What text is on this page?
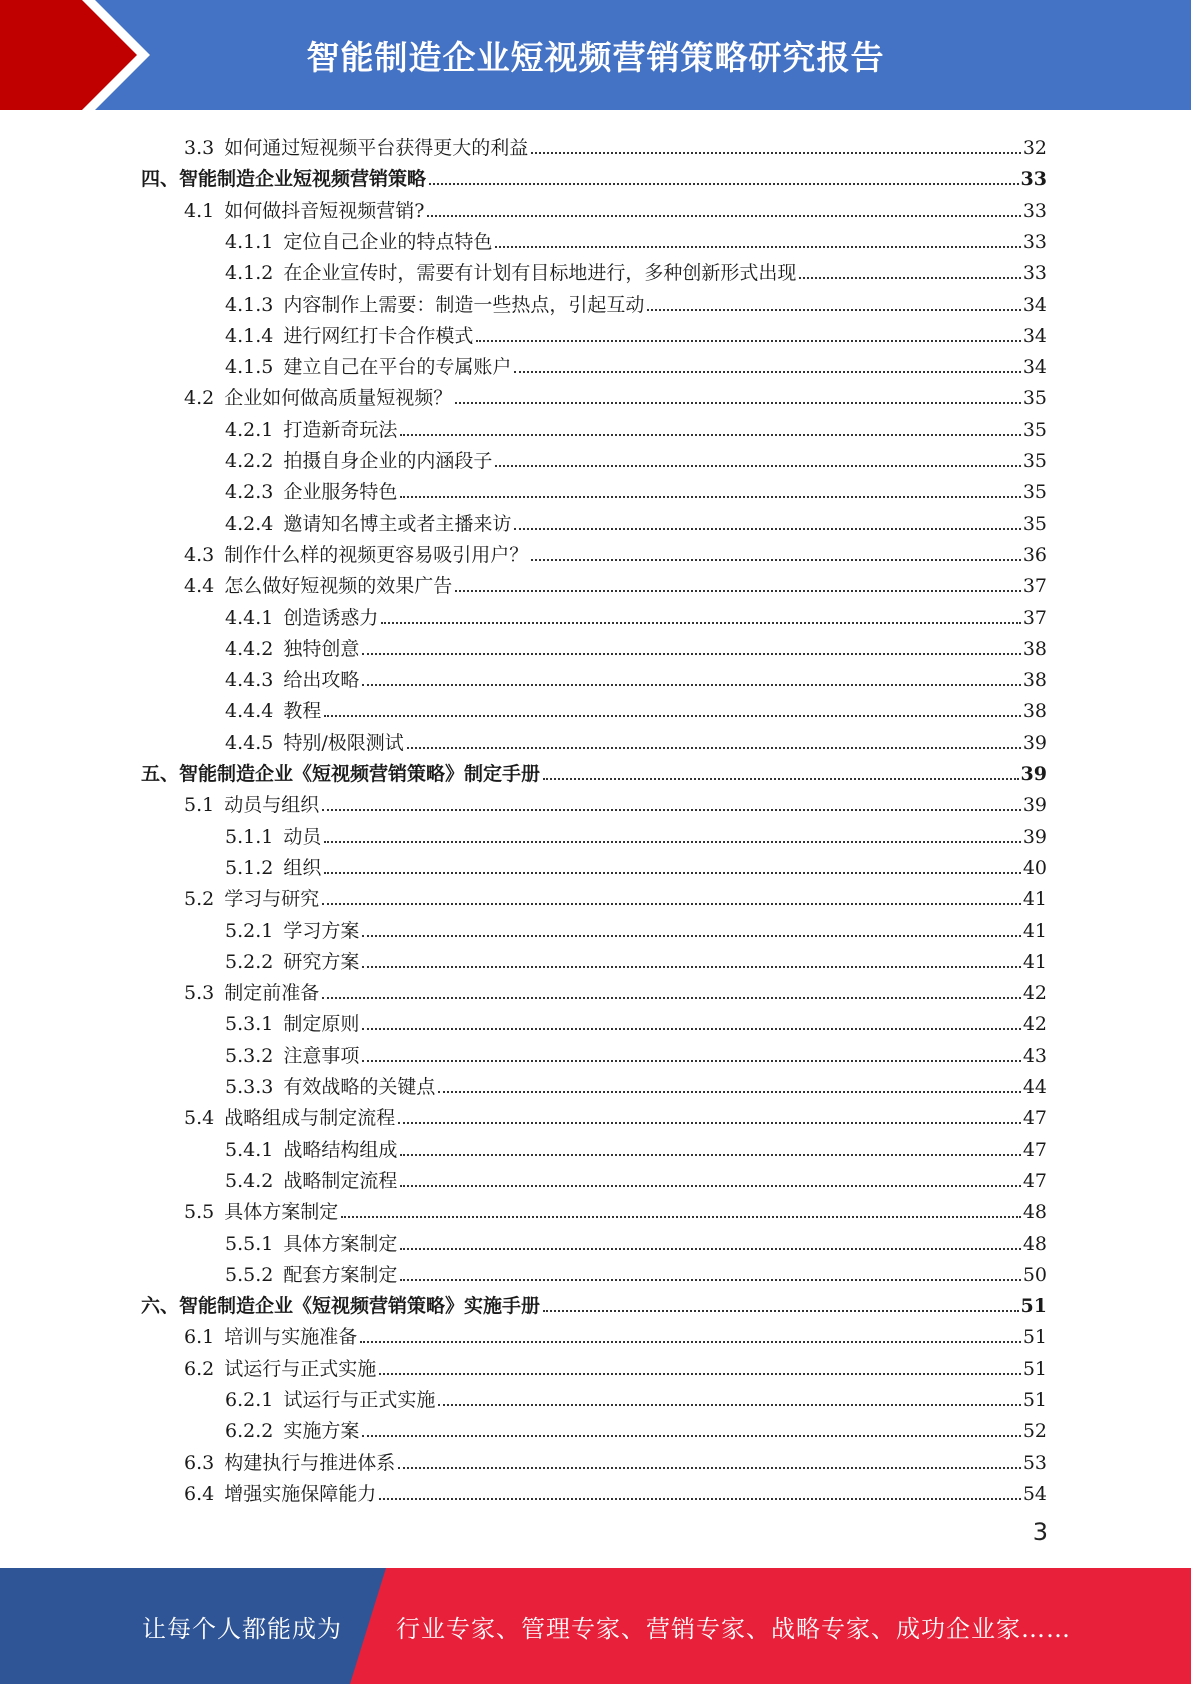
智能制造企业短视频营销策略研究报告
3.3 如何通过短视频平台获得更大的利益	32
四、 智能制造企业短视频营销策略	33
4.1 如何做抖音短视频营销?	33
4.1.1 定位自己企业的特点特色	33
4.1.2 在企业宣传时，需要有计划有目标地进行，多种创新形式出现	33
4.1.3 内容制作上需要：制造一些热点，引起互动	34
4.1.4 进行网红打卡合作模式	34
4.1.5 建立自己在平台的专属账户	34
4.2 企业如何做高质量短视频？	35
4.2.1 打造新奇玩法	35
4.2.2 拍摄自身企业的内涵段子	35
4.2.3 企业服务特色	35
4.2.4 邀请知名博主或者主播来访	35
4.3 制作什么样的视频更容易吸引用户？	36
4.4 怎么做好短视频的效果广告	37
4.4.1 创造诱惑力	37
4.4.2 独特创意	38
4.4.3 给出攻略	38
4.4.4 教程	38
4.4.5 特别/极限测试	39
五、 智能制造企业《短视频营销策略》制定手册	39
5.1 动员与组织	39
5.1.1 动员	39
5.1.2 组织	40
5.2 学习与研究	41
5.2.1 学习方案	41
5.2.2 研究方案	41
5.3 制定前准备	42
5.3.1 制定原则	42
5.3.2 注意事项	43
5.3.3 有效战略的关键点	44
5.4 战略组成与制定流程	47
5.4.1 战略结构组成	47
5.4.2 战略制定流程	47
5.5 具体方案制定	48
5.5.1 具体方案制定	48
5.5.2 配套方案制定	50
六、 智能制造企业《短视频营销策略》实施手册	51
6.1 培训与实施准备	51
6.2 试运行与正式实施	51
6.2.1 试运行与正式实施	51
6.2.2 实施方案	52
6.3 构建执行与推进体系	53
6.4 增强实施保障能力	54
3
让每个人都能成为 行业专家、管理专家、营销专家、战略专家、成功企业家……
